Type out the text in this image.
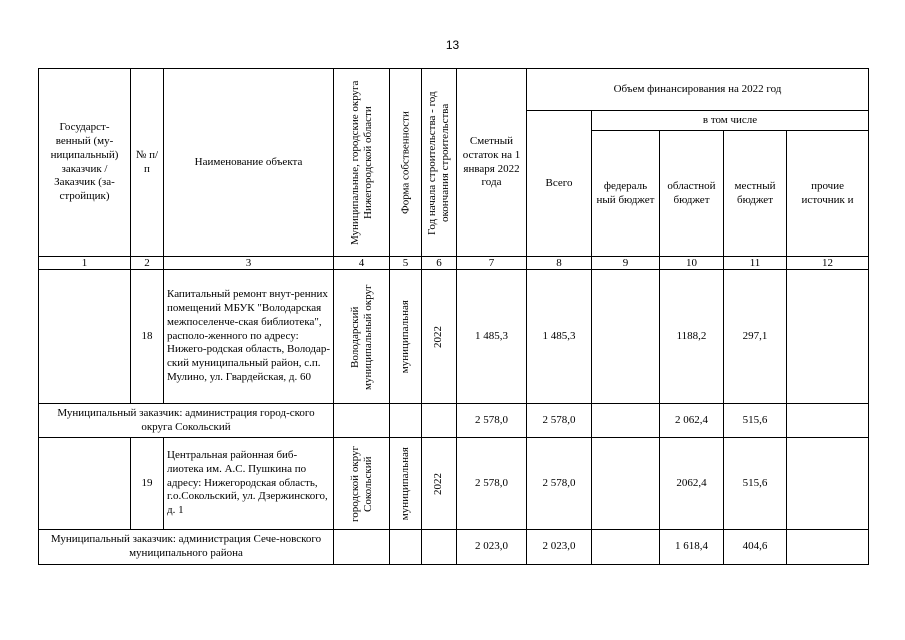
13
Государст-венный (му-ниципальный) заказчик / Заказчик (за-стройщик)	№ п/п	Наименование объекта	Муниципальные, городские округа Нижегородской области	Форма собственности	Год начала строительства - год окончания строительства	Сметный остаток на 1 января 2022 года	Объем финансирования на 2022 год				
							Всего	в том числе			
								федераль ный бюджет	областной бюджет	местный бюджет	прочие источник и
1	2	3	4	5	6	7	8	9	10	11	12
	18	Капитальный ремонт внут-ренних помещений МБУК "Володарская межпоселенче-ская библиотека", располо-женного по адресу: Нижего-родская область, Володар-ский муниципальный район, с.п. Мулино, ул. Гвардейская, д. 60	Володарский муниципальный округ	муниципальная	2022	1 485,3	1 485,3		1188,2	297,1	
Муниципальный заказчик: администрация город-ского округа Сокольский						2 578,0	2 578,0		2 062,4	515,6	
	19	Центральная районная биб-лиотека им. А.С. Пушкина по адресу: Нижегородская область, г.о.Сокольский, ул. Дзержинского, д. 1	городской округ Сокольский	муниципальная	2022	2 578,0	2 578,0		2062,4	515,6	
Муниципальный заказчик: администрация Сече-новского муниципального района						2 023,0	2 023,0		1 618,4	404,6	
